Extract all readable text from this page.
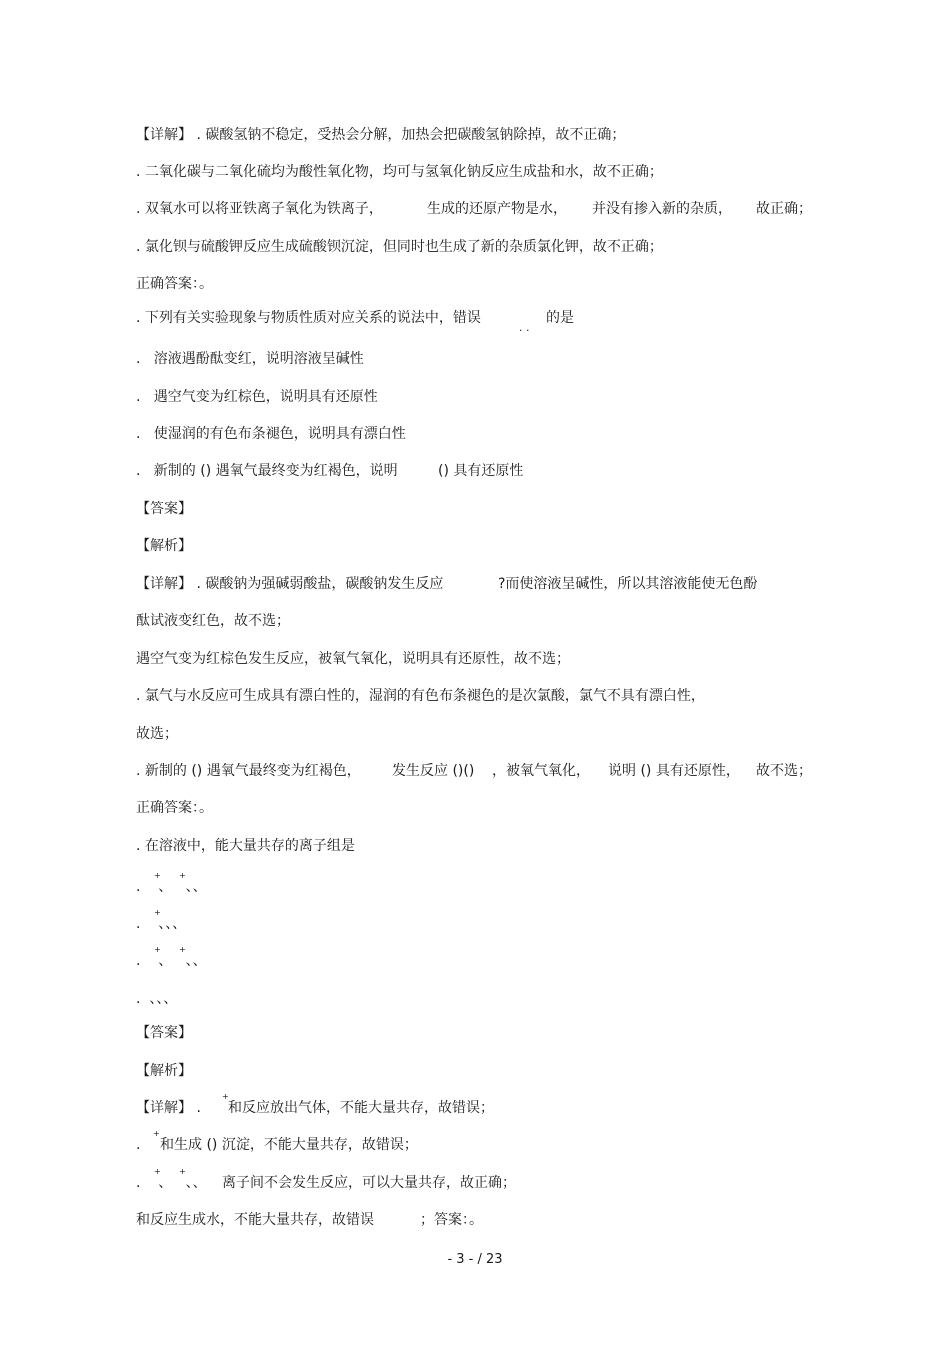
【详解】 . 碳酸氢钠不稳定，受热会分解，加热会把碳酸氢钠除掉，故不正确；
. 二氧化碳与二氧化硫均为酸性氧化物，均可与氢氧化钠反应生成盐和水，故不正确；

. 双氧水可以将亚铁离子氧化为铁离子，

	生成的还原产物是水，

并没有掺入新的杂质，

故正确；

. 氯化钡与硫酸钾反应生成硫酸钡沉淀，但同时也生成了新的杂质氯化钾，故不正确；
正确答案：。

. 下列有关实验现象与物质性质对应关系的说法中，错误

. .

的是

.   溶液遇酚酞变红，说明溶液呈碱性
.   遇空气变为红棕色，说明具有还原性
.   使湿润的有色布条褪色，说明具有漂白性

.   新制的 () 遇氧气最终变为红褐色，说明

	() 具有还原性

【答案】
【解析】

【详解】 . 碳酸钠为强碱弱酸盐，碳酸钠发生反应

	?而使溶液呈碱性，所以其溶液能使无色酚

酞试液变红色，故不选；
遇空气变为红棕色发生反应，被氧气氧化，说明具有还原性，故不选；
. 氯气与水反应可生成具有漂白性的，湿润的有色布条褪色的是次氯酸，氯气不具有漂白性，
故选；

. 新制的 () 遇氧气最终变为红褐色，

发生反应 ()()

，被氧气氧化，

说明 () 具有还原性，

故不选；

正确答案：。
. 在溶液中，能大量共存的离子组是

.    、   、、

+

+

.    、、、

+

.    、   、、

+

+

.  、、、
【答案】
【解析】

【详解】 .

+

和反应放出气体，不能大量共存，故错误；

.

+

和生成 () 沉淀，不能大量共存，故错误；

.    、   、、

+

+

离子间不会发生反应，可以大量共存，故正确；

和反应生成水，不能大量共存，故错误

	；答案：。

- 3 - / 23
